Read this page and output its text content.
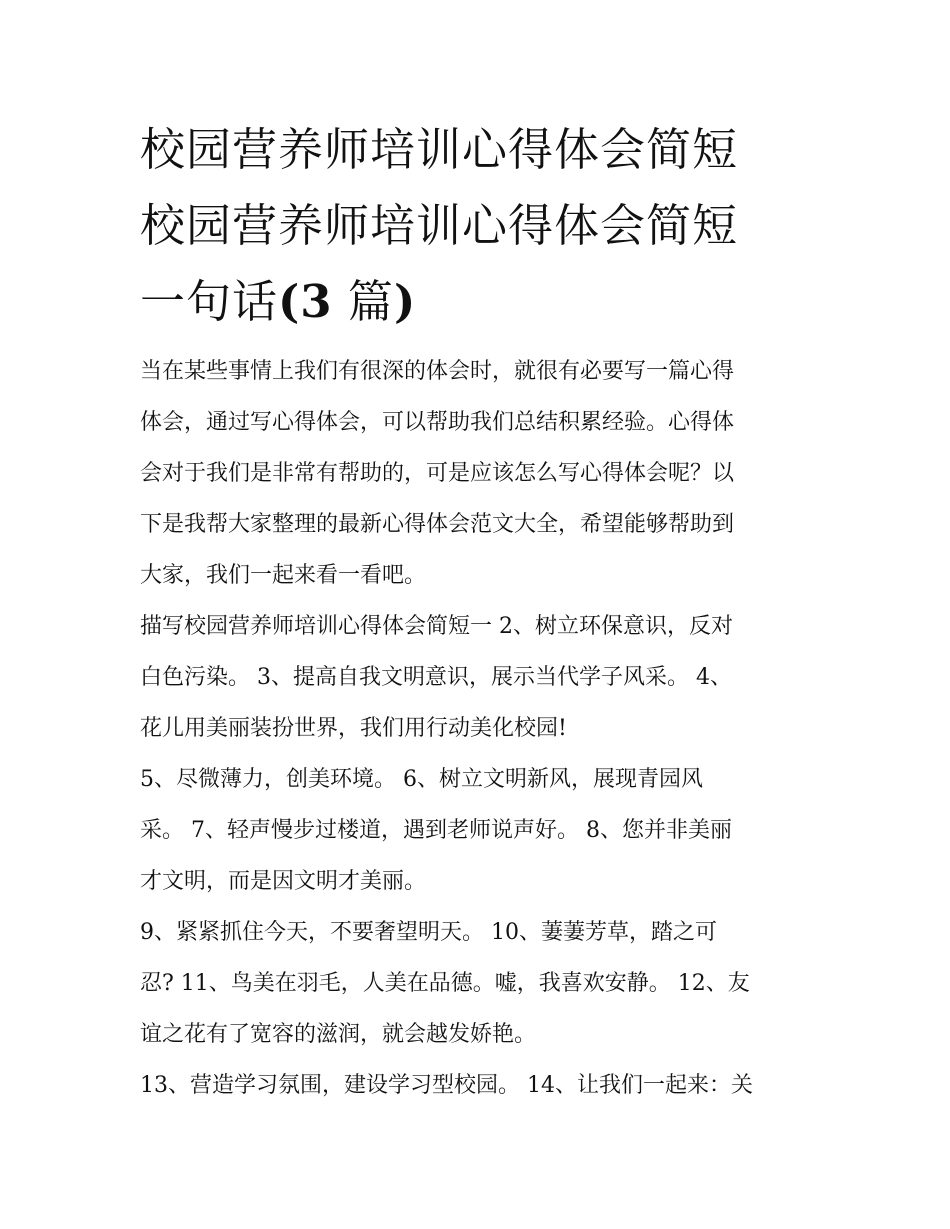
校园营养师培训心得体会简短
校园营养师培训心得体会简短
一句话(3 篇)

当在某些事情上我们有很深的体会时，就很有必要写一篇心得
体会，通过写心得体会，可以帮助我们总结积累经验。心得体
会对于我们是非常有帮助的，可是应该怎么写心得体会呢？以
下是我帮大家整理的最新心得体会范文大全，希望能够帮助到
大家，我们一起来看一看吧。

描写校园营养师培训心得体会简短一 2、树立环保意识，反对
白色污染。 3、提高自我文明意识，展示当代学子风采。 4、
花儿用美丽装扮世界，我们用行动美化校园!

5、尽微薄力，创美环境。 6、树立文明新风，展现青园风
采。 7、轻声慢步过楼道，遇到老师说声好。 8、您并非美丽
才文明，而是因文明才美丽。

9、紧紧抓住今天，不要奢望明天。 10、萋萋芳草，踏之可
忍? 11、鸟美在羽毛，人美在品德。嘘，我喜欢安静。 12、友
谊之花有了宽容的滋润，就会越发娇艳。

13、营造学习氛围，建设学习型校园。 14、让我们一起来：关
